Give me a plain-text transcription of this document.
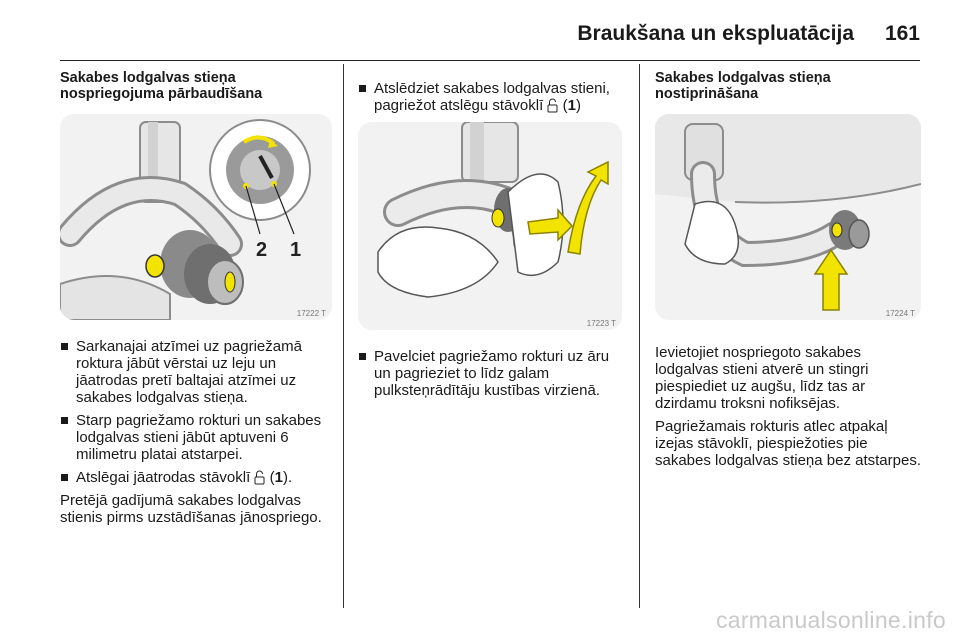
Braukšana un ekspluatācija 161

Sakabes lodgalvas stieņa
nospriegojuma pārbaudīšana

2 1
17222 T
Sarkanajai atzīmei uz pagriežamā roktura jābūt vērstai uz leju un jāatrodas pretī baltajai atzīmei uz sakabes lodgalvas stieņa.
Starp pagriežamo rokturi un sakabes lodgalvas stieni jābūt aptuveni 6 milimetru platai atstarpei.
Atslēgai jāatrodas stāvoklī  (1).

Pretējā gadījumā sakabes lodgalvas stienis pirms uzstādīšanas jānospriego.

Atslēdziet sakabes lodgalvas stieni, pagriežot atslēgu stāvoklī  (1)
17223 T
Pavelciet pagriežamo rokturi uz āru un pagrieziet to līdz galam pulksteņrādītāju kustības virzienā.

Sakabes lodgalvas stieņa
nostiprināšana

17224 T

Ievietojiet nospriegoto sakabes lodgalvas stieni atverē un stingri piespiediet uz augšu, līdz tas ar dzirdamu troksni nofiksējas.

Pagriežamais rokturis atlec atpakaļ izejas stāvoklī, piespiežoties pie sakabes lodgalvas stieņa bez atstarpes.

carmanualsonline.info
